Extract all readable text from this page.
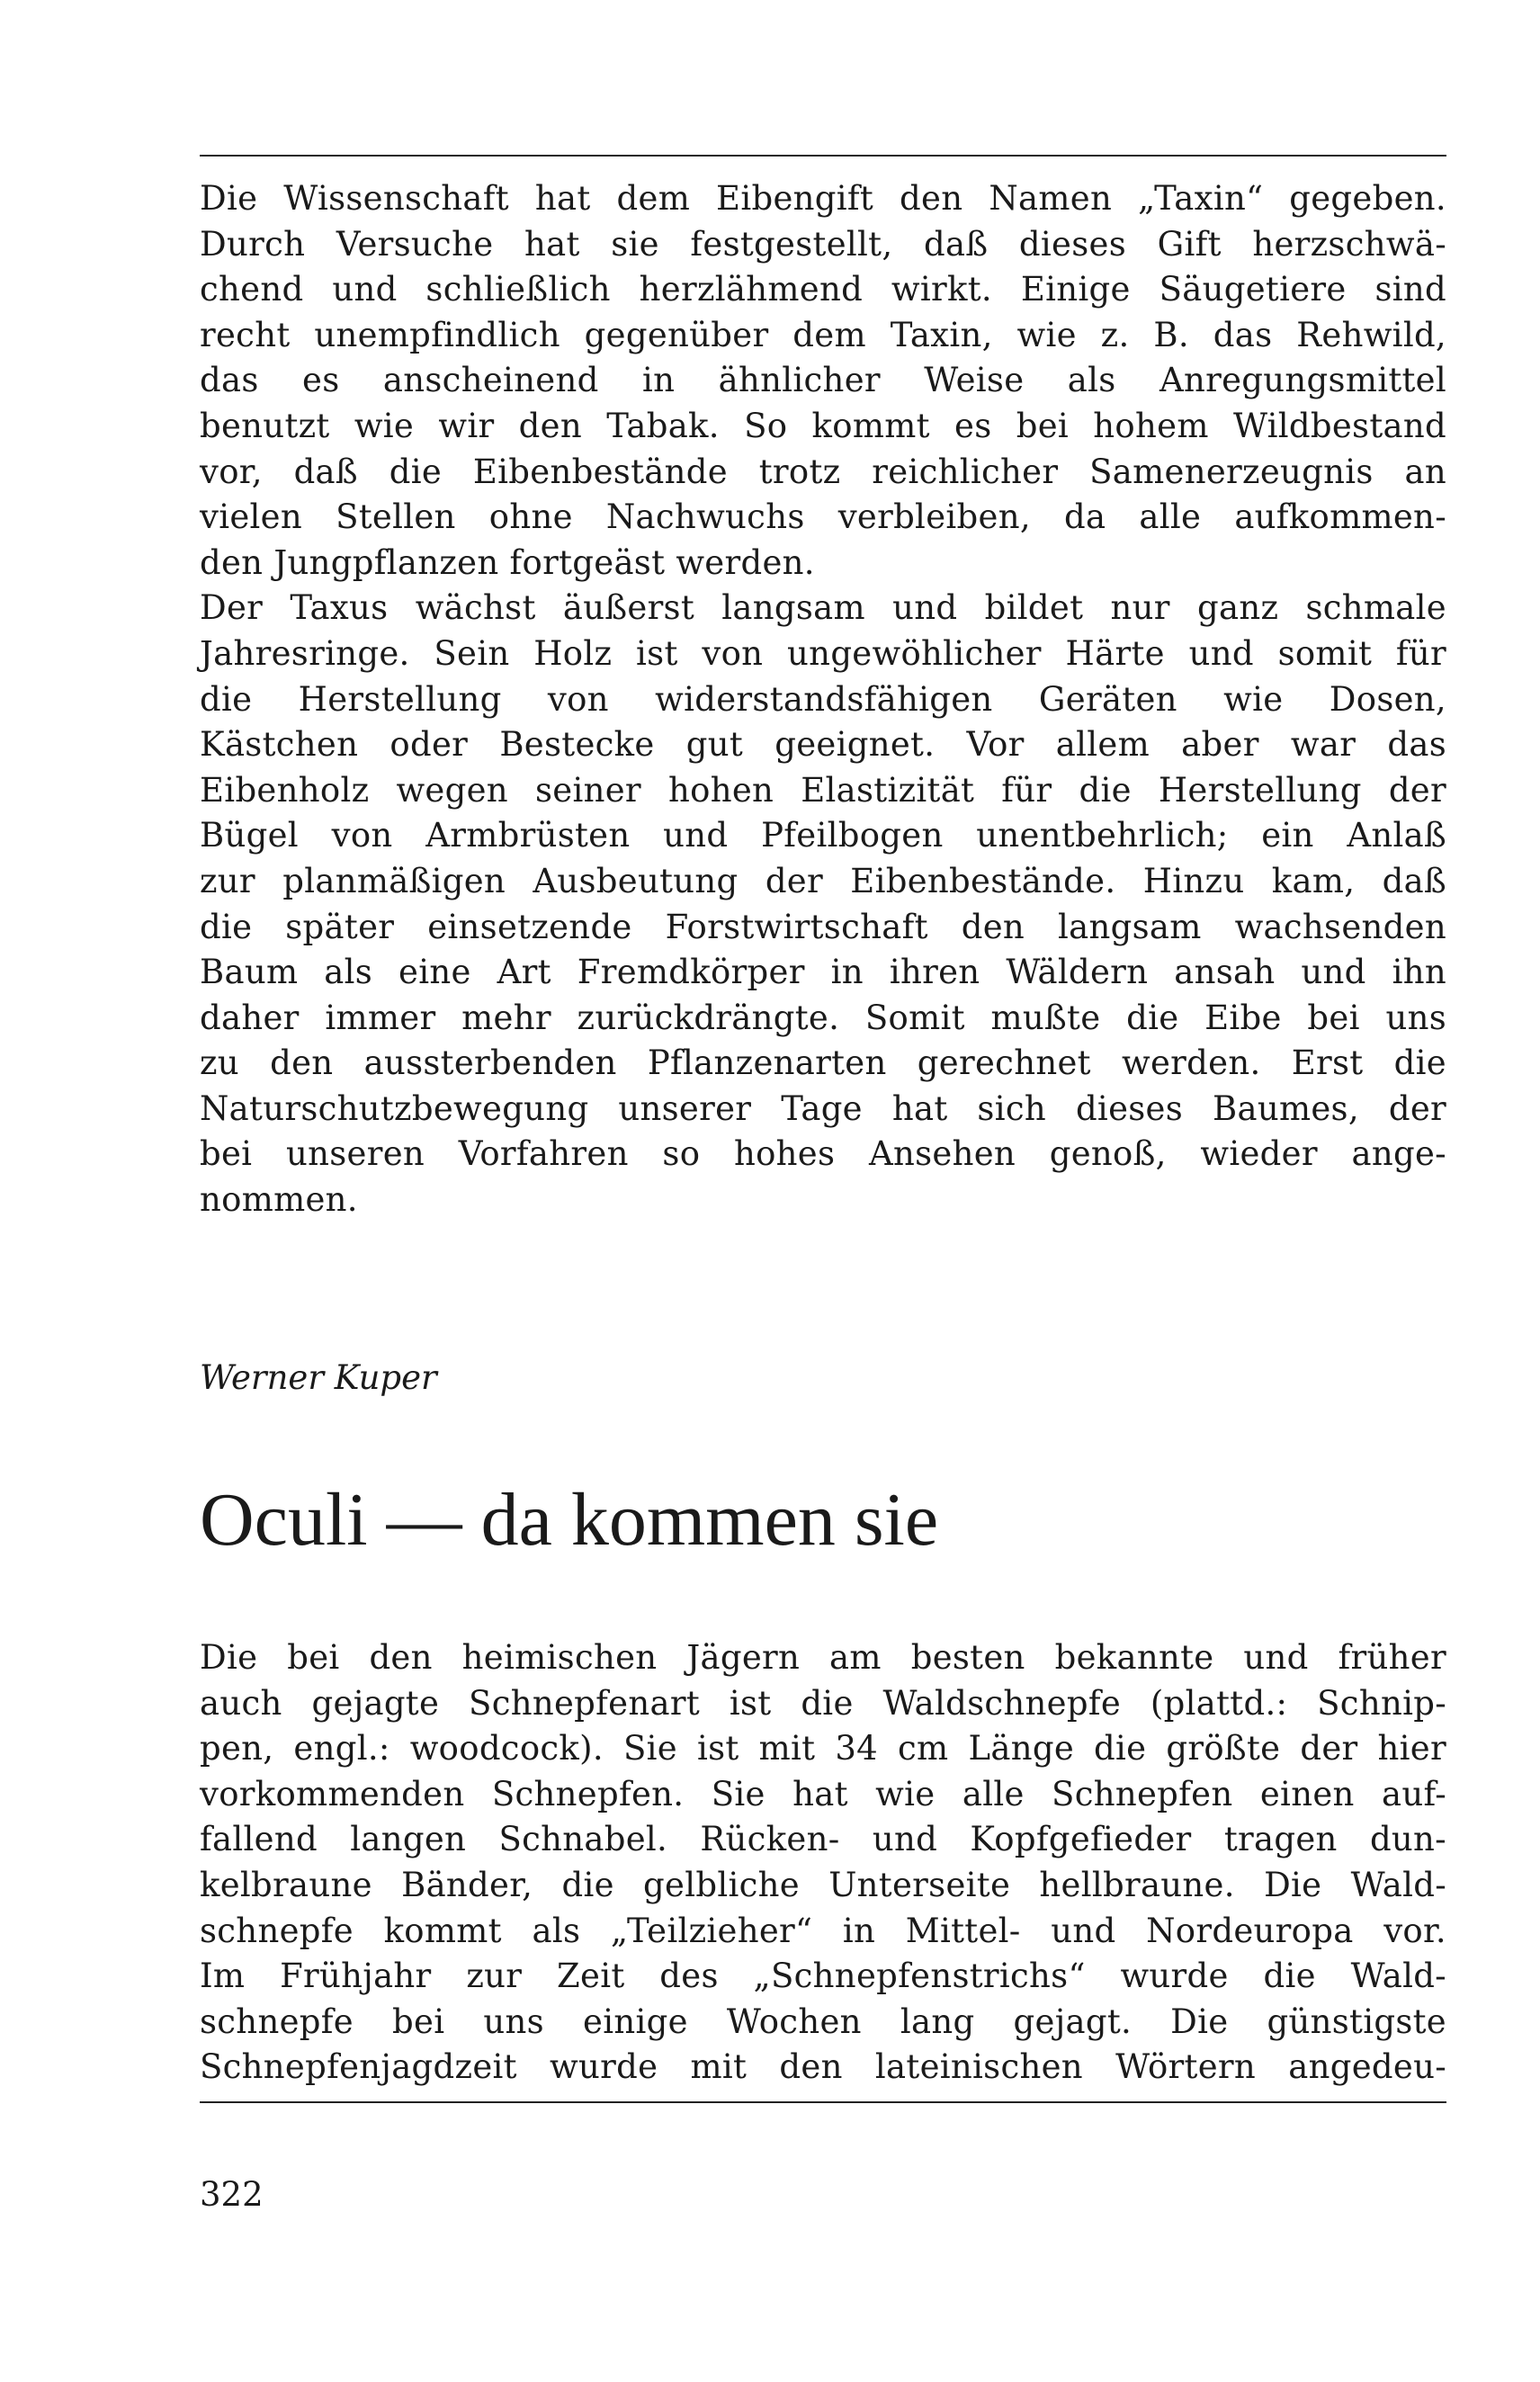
Die Wissenschaft hat dem Eibengift den Namen „Taxin“ gegeben.
Durch Versuche hat sie festgestellt, daß dieses Gift herzschwä-
chend und schließlich herzlähmend wirkt. Einige Säugetiere sind
recht unempfindlich gegenüber dem Taxin, wie z. B. das Rehwild,
das es anscheinend in ähnlicher Weise als Anregungsmittel
benutzt wie wir den Tabak. So kommt es bei hohem Wildbestand
vor, daß die Eibenbestände trotz reichlicher Samenerzeugnis an
vielen Stellen ohne Nachwuchs verbleiben, da alle aufkommen-
den Jungpflanzen fortgeäst werden.
Der Taxus wächst äußerst langsam und bildet nur ganz schmale
Jahresringe. Sein Holz ist von ungewöhlicher Härte und somit für
die Herstellung von widerstandsfähigen Geräten wie Dosen,
Kästchen oder Bestecke gut geeignet. Vor allem aber war das
Eibenholz wegen seiner hohen Elastizität für die Herstellung der
Bügel von Armbrüsten und Pfeilbogen unentbehrlich; ein Anlaß
zur planmäßigen Ausbeutung der Eibenbestände. Hinzu kam, daß
die später einsetzende Forstwirtschaft den langsam wachsenden
Baum als eine Art Fremdkörper in ihren Wäldern ansah und ihn
daher immer mehr zurückdrängte. Somit mußte die Eibe bei uns
zu den aussterbenden Pflanzenarten gerechnet werden. Erst die
Naturschutzbewegung unserer Tage hat sich dieses Baumes, der
bei unseren Vorfahren so hohes Ansehen genoß, wieder ange-
nommen.
Werner Kuper
Oculi — da kommen sie
Die bei den heimischen Jägern am besten bekannte und früher
auch gejagte Schnepfenart ist die Waldschnepfe (plattd.: Schnip-
pen, engl.: woodcock). Sie ist mit 34 cm Länge die größte der hier
vorkommenden Schnepfen. Sie hat wie alle Schnepfen einen auf-
fallend langen Schnabel. Rücken- und Kopfgefieder tragen dun-
kelbraune Bänder, die gelbliche Unterseite hellbraune. Die Wald-
schnepfe kommt als „Teilzieher“ in Mittel- und Nordeuropa vor.
Im Frühjahr zur Zeit des „Schnepfenstrichs“ wurde die Wald-
schnepfe bei uns einige Wochen lang gejagt. Die günstigste
Schnepfenjagdzeit wurde mit den lateinischen Wörtern angedeu-
322
